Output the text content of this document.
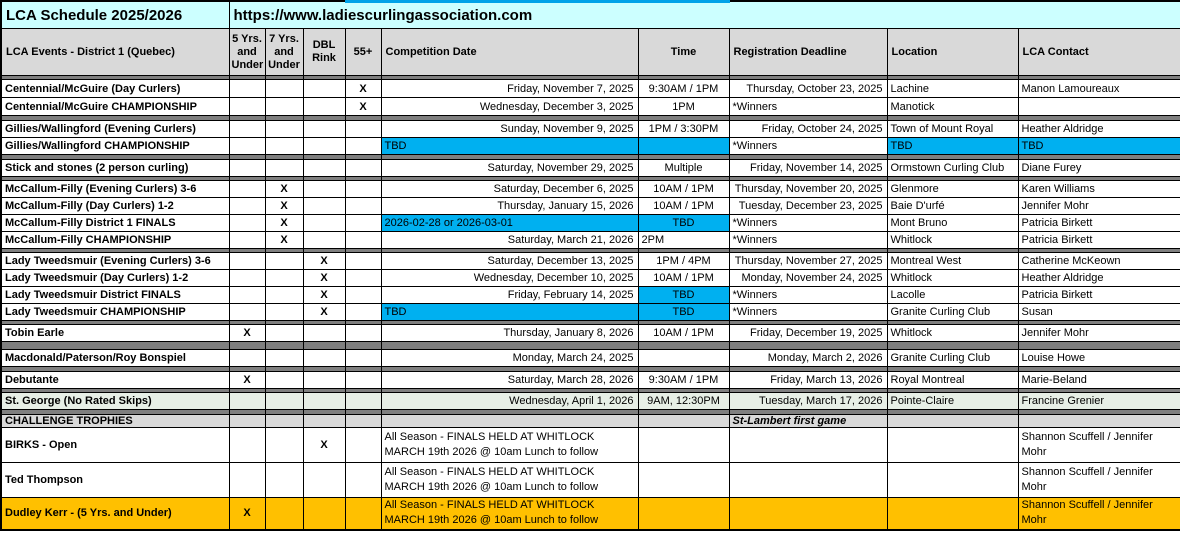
LCA Schedule 2025/2026	https://www.ladiescurlingassociation.com								
LCA Events - District 1 (Quebec)	5 Yrs. and Under	7 Yrs. and Under	DBL Rink	55+	Competition Date	Time	Registration Deadline	Location	LCA Contact

Centennial/McGuire (Day Curlers)				X	Friday, November 7, 2025	9:30AM / 1PM	Thursday, October 23, 2025	Lachine	Manon Lamoureaux
Centennial/McGuire CHAMPIONSHIP				X	Wednesday, December 3, 2025	1PM	*Winners	Manotick	

Gillies/Wallingford (Evening Curlers)					Sunday, November 9, 2025	1PM / 3:30PM	Friday, October 24, 2025	Town of Mount Royal	Heather Aldridge
Gillies/Wallingford CHAMPIONSHIP					TBD		*Winners	TBD	TBD

Stick and stones (2 person curling)					Saturday, November 29, 2025	Multiple	Friday, November 14, 2025	Ormstown Curling Club	Diane Furey

McCallum-Filly (Evening Curlers) 3-6		X			Saturday, December 6, 2025	10AM / 1PM	Thursday, November 20, 2025	Glenmore	Karen Williams
McCallum-Filly (Day Curlers) 1-2		X			Thursday, January 15, 2026	10AM / 1PM	Tuesday, December 23, 2025	Baie D'urfé	Jennifer Mohr
McCallum-Filly District 1 FINALS		X			2026-02-28 or 2026-03-01	TBD	*Winners	Mont Bruno	Patricia Birkett
McCallum-Filly CHAMPIONSHIP		X			Saturday, March 21, 2026	2PM	*Winners	Whitlock	Patricia Birkett

Lady Tweedsmuir (Evening Curlers) 3-6			X		Saturday, December 13, 2025	1PM / 4PM	Thursday, November 27, 2025	Montreal West	Catherine McKeown
Lady Tweedsmuir (Day Curlers) 1-2			X		Wednesday, December 10, 2025	10AM / 1PM	Monday, November 24, 2025	Whitlock	Heather Aldridge
Lady Tweedsmuir District FINALS			X		Friday, February 14, 2025	TBD	*Winners	Lacolle	Patricia Birkett
Lady Tweedsmuir CHAMPIONSHIP			X		TBD	TBD	*Winners	Granite Curling Club	Susan

Tobin Earle	X				Thursday, January 8, 2026	10AM / 1PM	Friday, December 19, 2025	Whitlock	Jennifer Mohr

Macdonald/Paterson/Roy Bonspiel					Monday, March 24, 2025		Monday, March 2, 2026	Granite Curling Club	Louise Howe

Debutante	X				Saturday, March 28, 2026	9:30AM / 1PM	Friday, March 13, 2026	Royal Montreal	Marie-Beland

St. George (No Rated Skips)					Wednesday, April 1, 2026	9AM, 12:30PM	Tuesday, March 17, 2026	Pointe-Claire	Francine Grenier

CHALLENGE TROPHIES							St-Lambert first game		
BIRKS - Open			X		All Season - FINALS HELD AT WHITLOCK MARCH 19th 2026 @ 10am Lunch to follow				Shannon Scuffell / Jennifer Mohr
Ted Thompson					All Season - FINALS HELD AT WHITLOCK MARCH 19th 2026 @ 10am Lunch to follow				Shannon Scuffell / Jennifer Mohr
Dudley Kerr - (5 Yrs. and Under)	X				All Season - FINALS HELD AT WHITLOCK MARCH 19th 2026 @ 10am Lunch to follow				Shannon Scuffell / Jennifer Mohr
